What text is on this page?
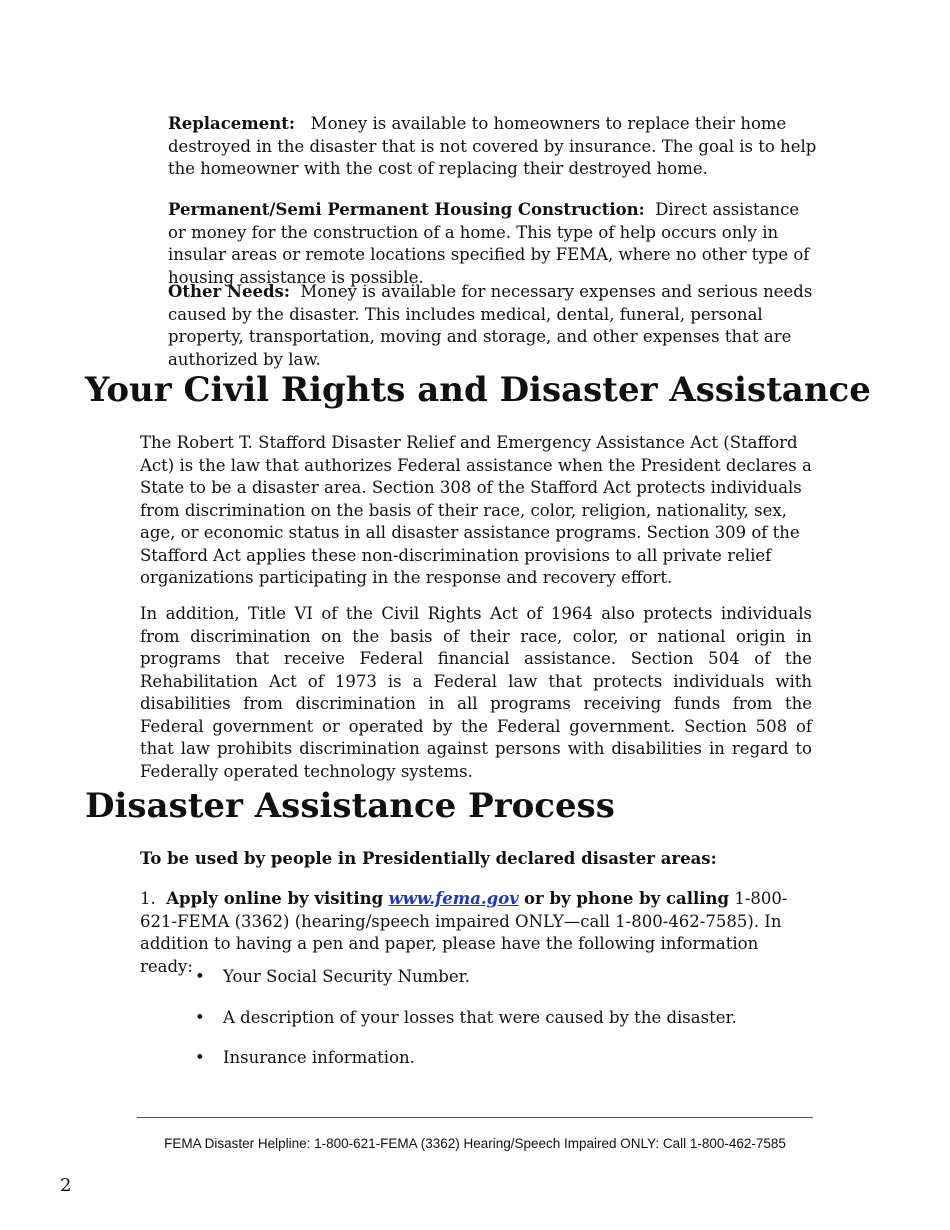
Replacement: Money is available to homeowners to replace their home destroyed in the disaster that is not covered by insurance. The goal is to help the homeowner with the cost of replacing their destroyed home.

Permanent/Semi Permanent Housing Construction: Direct assistance or money for the construction of a home. This type of help occurs only in insular areas or remote locations specified by FEMA, where no other type of housing assistance is possible.

Other Needs: Money is available for necessary expenses and serious needs caused by the disaster. This includes medical, dental, funeral, personal property, transportation, moving and storage, and other expenses that are authorized by law.

Your Civil Rights and Disaster Assistance

The Robert T. Stafford Disaster Relief and Emergency Assistance Act (Stafford Act) is the law that authorizes Federal assistance when the President declares a State to be a disaster area. Section 308 of the Stafford Act protects individuals from discrimination on the basis of their race, color, religion, nationality, sex, age, or economic status in all disaster assistance programs. Section 309 of the Stafford Act applies these non-discrimination provisions to all private relief organizations participating in the response and recovery effort.

In addition, Title VI of the Civil Rights Act of 1964 also protects individuals from discrimination on the basis of their race, color, or national origin in programs that receive Federal financial assistance. Section 504 of the Rehabilitation Act of 1973 is a Federal law that protects individuals with disabilities from discrimination in all programs receiving funds from the Federal government or operated by the Federal government. Section 508 of that law prohibits discrimination against persons with disabilities in regard to Federally operated technology systems.

Disaster Assistance Process

To be used by people in Presidentially declared disaster areas:

1. Apply online by visiting www.fema.gov or by phone by calling 1-800-621-FEMA (3362) (hearing/speech impaired ONLY—call 1-800-462-7585). In addition to having a pen and paper, please have the following information ready:

• Your Social Security Number.
• A description of your losses that were caused by the disaster.
• Insurance information.
FEMA Disaster Helpline: 1-800-621-FEMA (3362) Hearing/Speech Impaired ONLY: Call 1-800-462-7585
2
